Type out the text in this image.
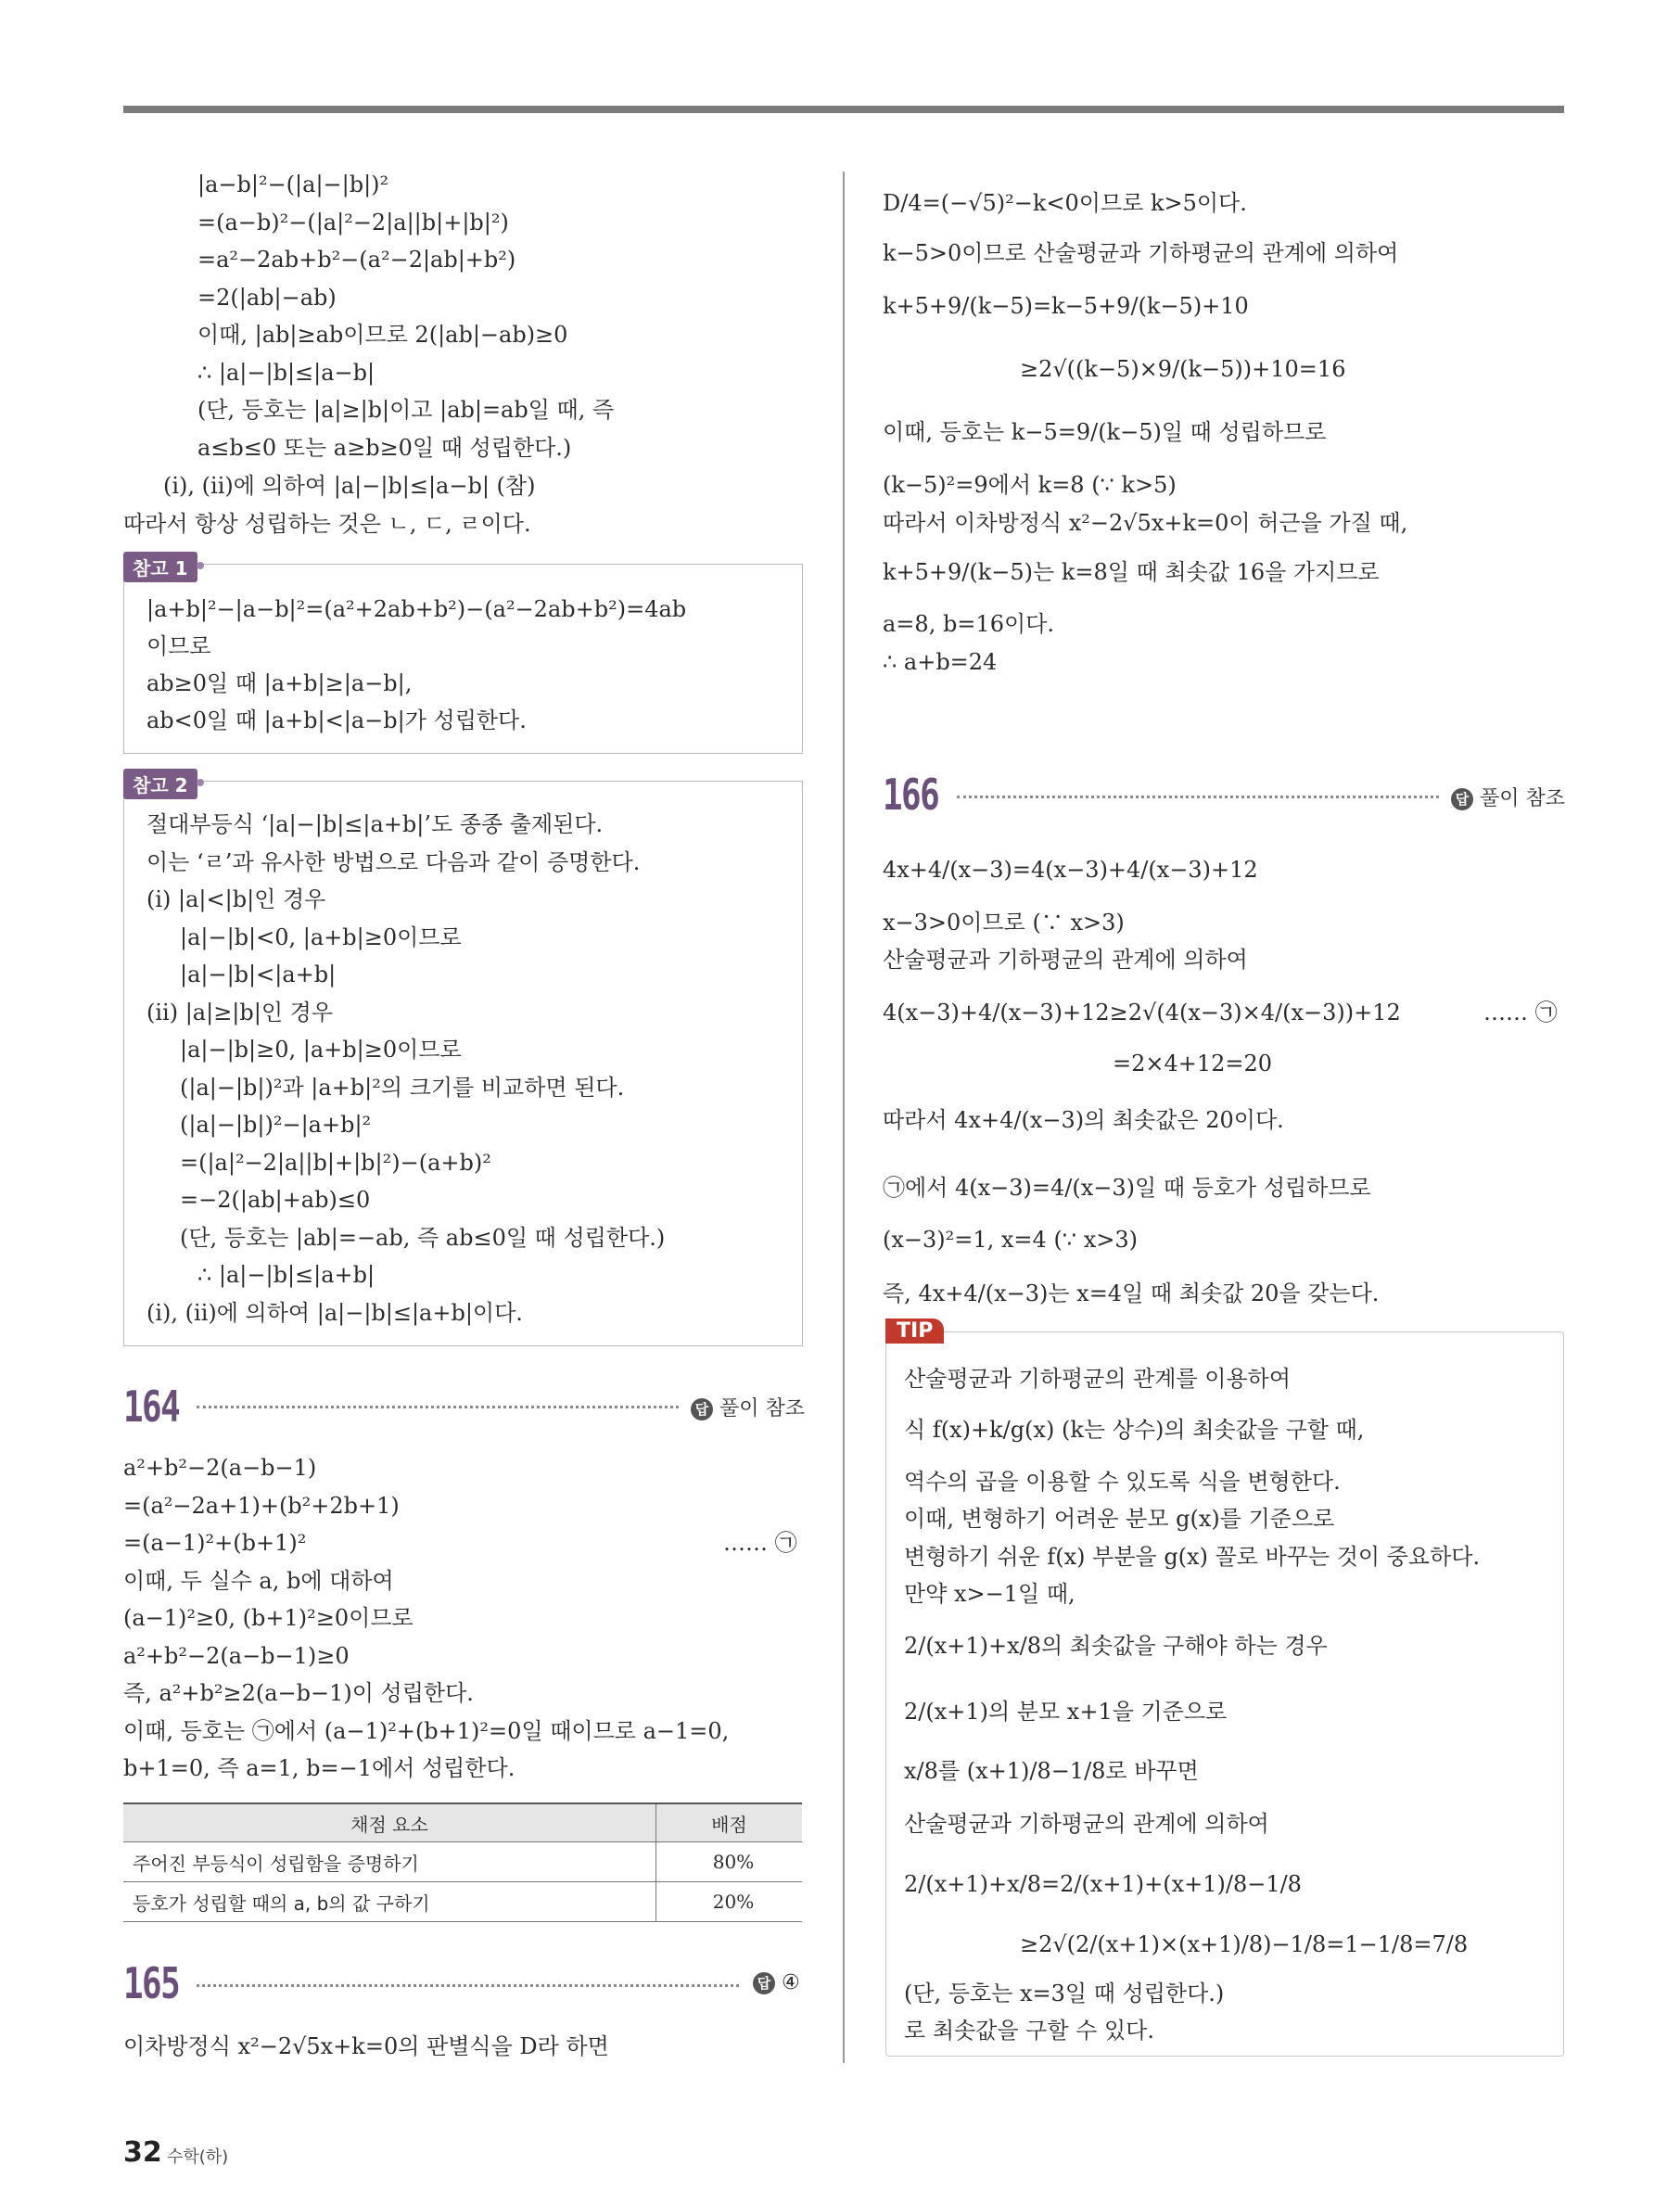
|a−b|²−(|a|−|b|)²
=(a−b)²−(|a|²−2|a||b|+|b|²)
=a²−2ab+b²−(a²−2|ab|+b²)
=2(|ab|−ab)
이때, |ab|≥ab이므로 2(|ab|−ab)≥0
∴ |a|−|b|≤|a−b|
(단, 등호는 |a|≥|b|이고 |ab|=ab일 때, 즉
a≤b≤0 또는 a≥b≥0일 때 성립한다.)
(i), (ii)에 의하여 |a|−|b|≤|a−b| (참)
따라서 항상 성립하는 것은 ㄴ, ㄷ, ㄹ이다.
참고 1
|a+b|²−|a−b|²=(a²+2ab+b²)−(a²−2ab+b²)=4ab
이므로
ab≥0일 때 |a+b|≥|a−b|,
ab<0일 때 |a+b|<|a−b|가 성립한다.
참고 2
절대부등식 ‘|a|−|b|≤|a+b|’도 종종 출제된다.
이는 ‘ㄹ’과 유사한 방법으로 다음과 같이 증명한다.
(i) |a|<|b|인 경우
|a|−|b|<0, |a+b|≥0이므로
|a|−|b|<|a+b|
(ii) |a|≥|b|인 경우
|a|−|b|≥0, |a+b|≥0이므로
(|a|−|b|)²과 |a+b|²의 크기를 비교하면 된다.
(|a|−|b|)²−|a+b|²
=(|a|²−2|a||b|+|b|²)−(a+b)²
=−2(|ab|+ab)≤0
(단, 등호는 |ab|=−ab, 즉 ab≤0일 때 성립한다.)
∴ |a|−|b|≤|a+b|
(i), (ii)에 의하여 |a|−|b|≤|a+b|이다.
164	답 풀이 참조
a²+b²−2(a−b−1)
=(a²−2a+1)+(b²+2b+1)
=(a−1)²+(b+1)²	…… ㉠
이때, 두 실수 a, b에 대하여
(a−1)²≥0, (b+1)²≥0이므로
a²+b²−2(a−b−1)≥0
즉, a²+b²≥2(a−b−1)이 성립한다.
이때, 등호는 ㉠에서 (a−1)²+(b+1)²=0일 때이므로 a−1=0,
b+1=0, 즉 a=1, b=−1에서 성립한다.
채점 요소	배점
주어진 부등식이 성립함을 증명하기	80%
등호가 성립할 때의 a, b의 값 구하기	20%
165	답 ④
이차방정식 x²−2√5x+k=0의 판별식을 D라 하면
D/4=(−√5)²−k<0이므로 k>5이다.
k−5>0이므로 산술평균과 기하평균의 관계에 의하여
k+5+9/(k−5)=k−5+9/(k−5)+10
≥2√((k−5)×9/(k−5))+10=16
이때, 등호는 k−5=9/(k−5)일 때 성립하므로
(k−5)²=9에서 k=8 (∵ k>5)
따라서 이차방정식 x²−2√5x+k=0이 허근을 가질 때,
k+5+9/(k−5)는 k=8일 때 최솟값 16을 가지므로
a=8, b=16이다.
∴ a+b=24
166	답 풀이 참조
4x+4/(x−3)=4(x−3)+4/(x−3)+12
x−3>0이므로 (∵ x>3)
산술평균과 기하평균의 관계에 의하여
4(x−3)+4/(x−3)+12≥2√(4(x−3)×4/(x−3))+12	…… ㉠
=2×4+12=20
따라서 4x+4/(x−3)의 최솟값은 20이다.
㉠에서 4(x−3)=4/(x−3)일 때 등호가 성립하므로
(x−3)²=1, x=4 (∵ x>3)
즉, 4x+4/(x−3)는 x=4일 때 최솟값 20을 갖는다.
TIP
산술평균과 기하평균의 관계를 이용하여
식 f(x)+k/g(x) (k는 상수)의 최솟값을 구할 때,
역수의 곱을 이용할 수 있도록 식을 변형한다.
이때, 변형하기 어려운 분모 g(x)를 기준으로
변형하기 쉬운 f(x) 부분을 g(x) 꼴로 바꾸는 것이 중요하다.
만약 x>−1일 때,
2/(x+1)+x/8의 최솟값을 구해야 하는 경우
2/(x+1)의 분모 x+1을 기준으로
x/8를 (x+1)/8−1/8로 바꾸면
산술평균과 기하평균의 관계에 의하여
2/(x+1)+x/8=2/(x+1)+(x+1)/8−1/8
≥2√(2/(x+1)×(x+1)/8)−1/8=1−1/8=7/8
(단, 등호는 x=3일 때 성립한다.)
로 최솟값을 구할 수 있다.
32 수학(하)
